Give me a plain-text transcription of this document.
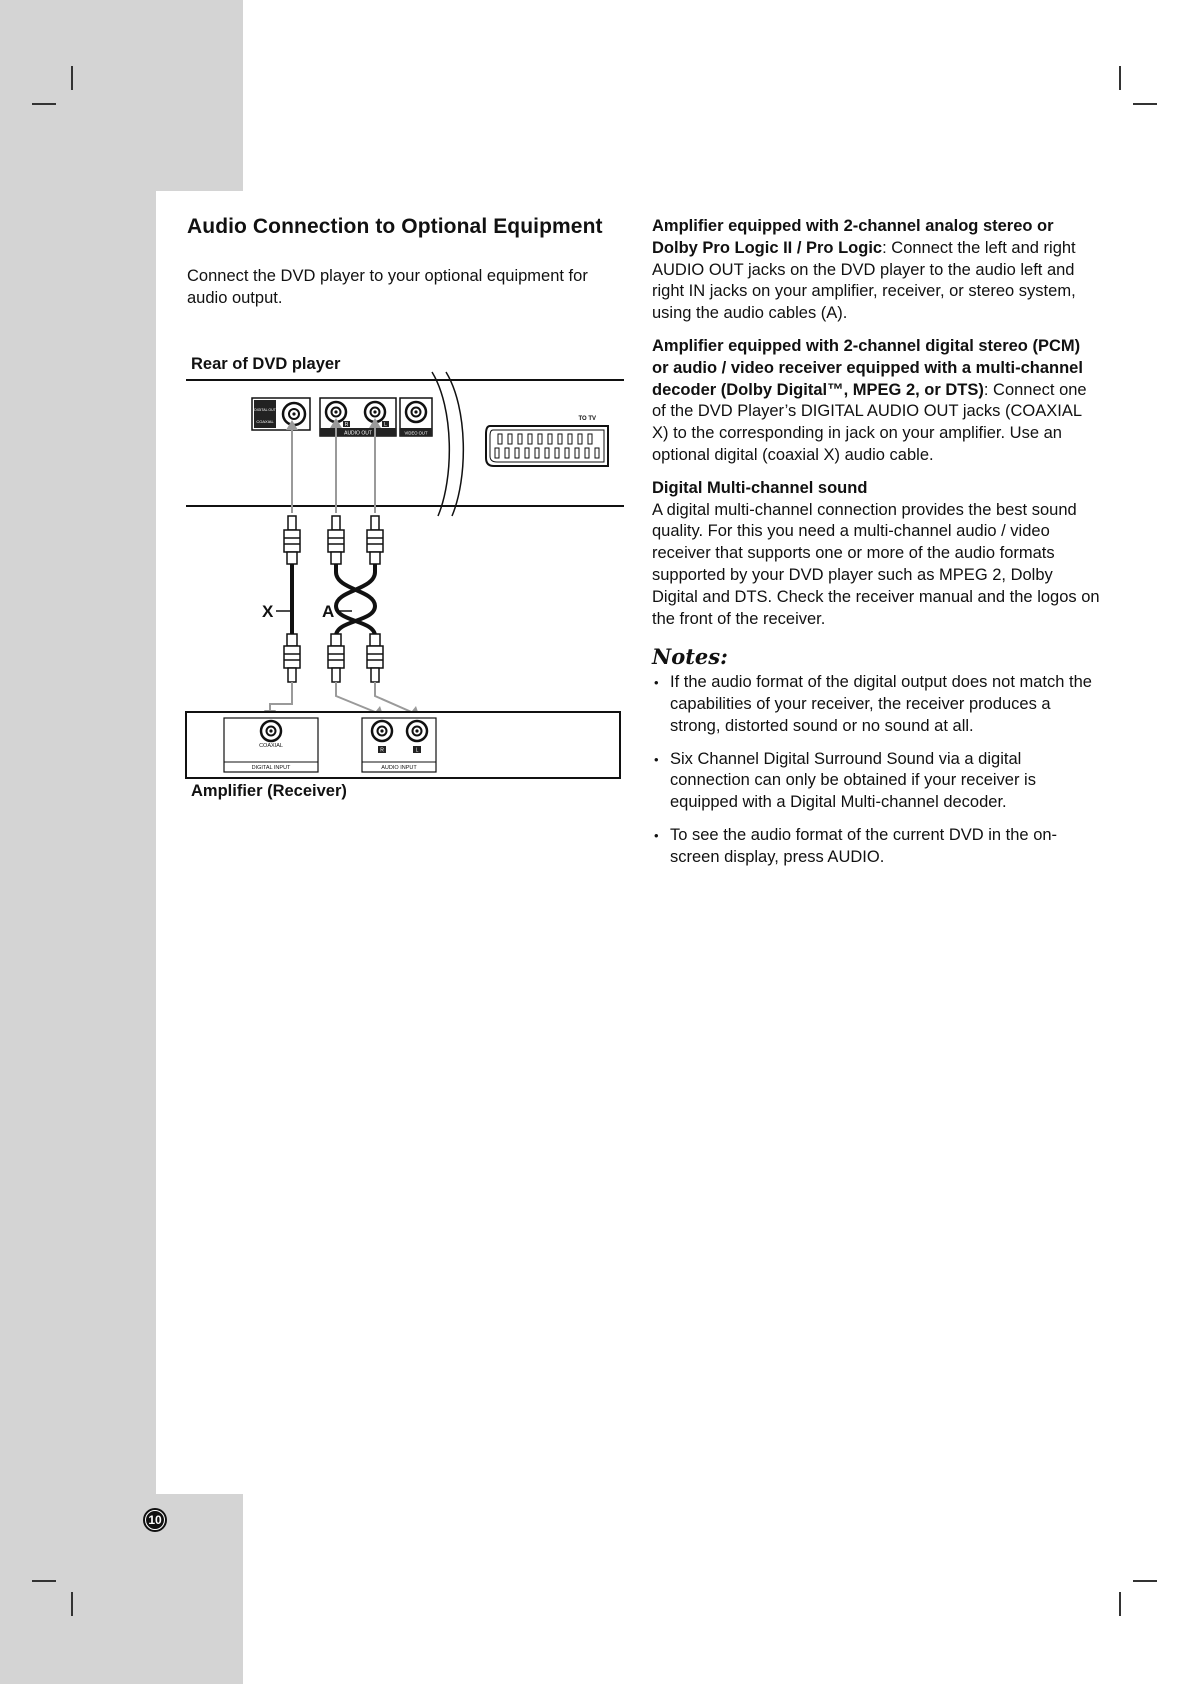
Audio Connection to Optional Equipment

Connect the DVD player to your optional equipment for audio output.

Rear of DVD player
DIGITAL OUT
COAXIAL
AUDIO OUT
R	L
VIDEO OUT
TO TV
X	A
COAXIAL
DIGITAL INPUT	AUDIO INPUT
R	L
Amplifier (Receiver)

Amplifier equipped with 2-channel analog stereo or Dolby Pro Logic II / Pro Logic: Connect the left and right AUDIO OUT jacks on the DVD player to the audio left and right IN jacks on your amplifier, receiver, or stereo system, using the audio cables (A).

Amplifier equipped with 2-channel digital stereo (PCM) or audio / video receiver equipped with a multi-channel decoder (Dolby Digital™, MPEG 2, or DTS): Connect one of the DVD Player’s DIGITAL AUDIO OUT jacks (COAXIAL X) to the corresponding in jack on your amplifier. Use an optional digital (coaxial X) audio cable.

Digital Multi-channel sound

A digital multi-channel connection provides the best sound quality. For this you need a multi-channel audio / video receiver that supports one or more of the audio formats supported by your DVD player such as MPEG 2, Dolby Digital and DTS. Check the receiver manual and the logos on the front of the receiver.

Notes:
• If the audio format of the digital output does not match the capabilities of your receiver, the receiver produces a strong, distorted sound or no sound at all.
• Six Channel Digital Surround Sound via a digital connection can only be obtained if your receiver is equipped with a Digital Multi-channel decoder.
• To see the audio format of the current DVD in the on-screen display, press AUDIO.
10
